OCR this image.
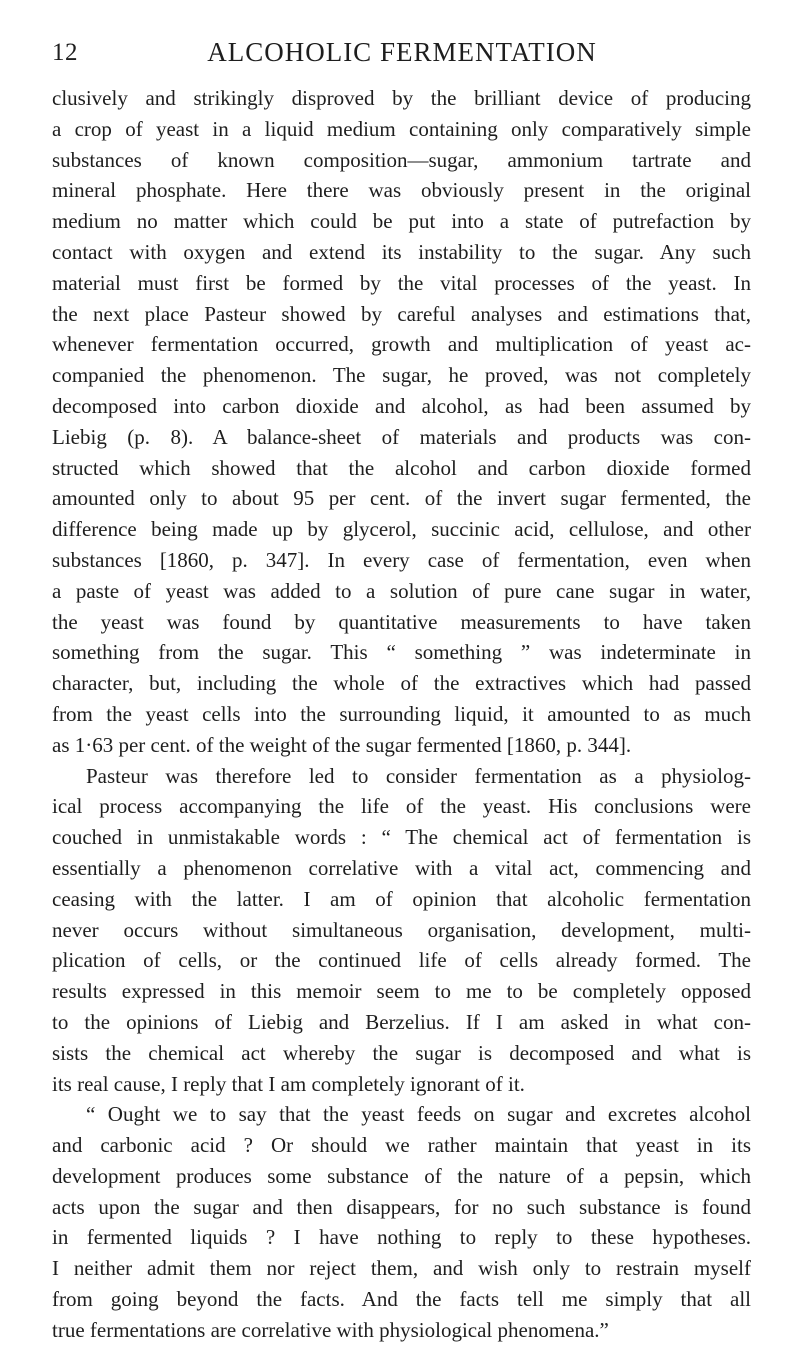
12	ALCOHOLIC FERMENTATION
clusively and strikingly disproved by the brilliant device of producing
a crop of yeast in a liquid medium containing only comparatively simple
substances of known composition—sugar, ammonium tartrate and
mineral phosphate. Here there was obviously present in the original
medium no matter which could be put into a state of putrefaction by
contact with oxygen and extend its instability to the sugar. Any such
material must first be formed by the vital processes of the yeast. In
the next place Pasteur showed by careful analyses and estimations that,
whenever fermentation occurred, growth and multiplication of yeast ac-
companied the phenomenon. The sugar, he proved, was not completely
decomposed into carbon dioxide and alcohol, as had been assumed by
Liebig (p. 8). A balance-sheet of materials and products was con-
structed which showed that the alcohol and carbon dioxide formed
amounted only to about 95 per cent. of the invert sugar fermented, the
difference being made up by glycerol, succinic acid, cellulose, and other
substances [1860, p. 347]. In every case of fermentation, even when
a paste of yeast was added to a solution of pure cane sugar in water,
the yeast was found by quantitative measurements to have taken
something from the sugar. This “ something ” was indeterminate in
character, but, including the whole of the extractives which had passed
from the yeast cells into the surrounding liquid, it amounted to as much
as 1·63 per cent. of the weight of the sugar fermented [1860, p. 344].
Pasteur was therefore led to consider fermentation as a physiolog-
ical process accompanying the life of the yeast. His conclusions were
couched in unmistakable words : “ The chemical act of fermentation is
essentially a phenomenon correlative with a vital act, commencing and
ceasing with the latter. I am of opinion that alcoholic fermentation
never occurs without simultaneous organisation, development, multi-
plication of cells, or the continued life of cells already formed. The
results expressed in this memoir seem to me to be completely opposed
to the opinions of Liebig and Berzelius. If I am asked in what con-
sists the chemical act whereby the sugar is decomposed and what is
its real cause, I reply that I am completely ignorant of it.
“ Ought we to say that the yeast feeds on sugar and excretes alcohol
and carbonic acid ? Or should we rather maintain that yeast in its
development produces some substance of the nature of a pepsin, which
acts upon the sugar and then disappears, for no such substance is found
in fermented liquids ? I have nothing to reply to these hypotheses.
I neither admit them nor reject them, and wish only to restrain myself
from going beyond the facts. And the facts tell me simply that all
true fermentations are correlative with physiological phenomena.”
